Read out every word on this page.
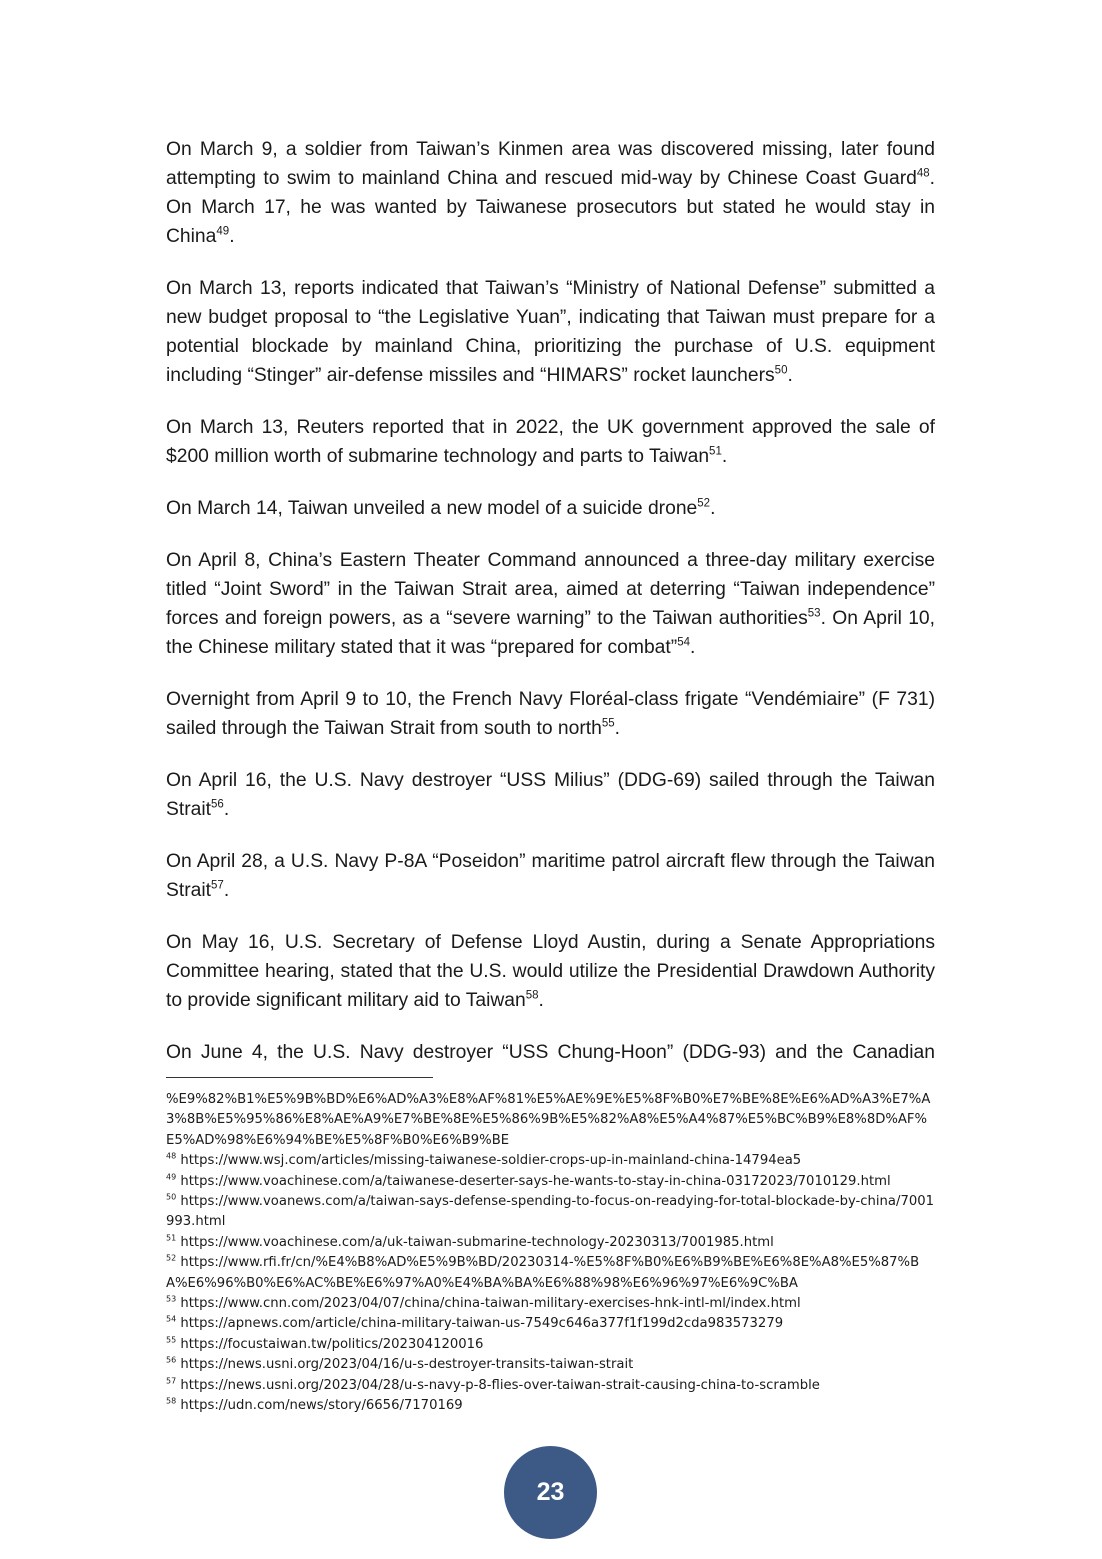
On March 9, a soldier from Taiwan’s Kinmen area was discovered missing, later found attempting to swim to mainland China and rescued mid-way by Chinese Coast Guard$^{48}$. On March 17, he was wanted by Taiwanese prosecutors but stated he would stay in China$^{49}$.

On March 13, reports indicated that Taiwan’s “Ministry of National Defense” submitted a new budget proposal to “the Legislative Yuan”, indicating that Taiwan must prepare for a potential blockade by mainland China, prioritizing the purchase of U.S. equipment including “Stinger” air-defense missiles and “HIMARS” rocket launchers$^{50}$.

On March 13, Reuters reported that in 2022, the UK government approved the sale of $200 million worth of submarine technology and parts to Taiwan$^{51}$.

On March 14, Taiwan unveiled a new model of a suicide drone$^{52}$.

On April 8, China’s Eastern Theater Command announced a three-day military exercise titled “Joint Sword” in the Taiwan Strait area, aimed at deterring “Taiwan independence” forces and foreign powers, as a “severe warning” to the Taiwan authorities$^{53}$. On April 10, the Chinese military stated that it was “prepared for combat”$^{54}$.

Overnight from April 9 to 10, the French Navy Floréal-class frigate “Vendémiaire” (F 731) sailed through the Taiwan Strait from south to north$^{55}$.

On April 16, the U.S. Navy destroyer “USS Milius” (DDG-69) sailed through the Taiwan Strait$^{56}$.

On April 28, a U.S. Navy P-8A “Poseidon” maritime patrol aircraft flew through the Taiwan Strait$^{57}$.

On May 16, U.S. Secretary of Defense Lloyd Austin, during a Senate Appropriations Committee hearing, stated that the U.S. would utilize the Presidential Drawdown Authority to provide significant military aid to Taiwan$^{58}$.

On June 4, the U.S. Navy destroyer “USS Chung-Hoon” (DDG-93) and the Canadian

%E9%82%B1%E5%9B%BD%E6%AD%A3%E8%AF%81%E5%AE%9E%E5%8F%B0%E7%BE%8E%E6%AD%A3%E7%A3%8B%E5%95%86%E8%AE%A9%E7%BE%8E%E5%86%9B%E5%82%A8%E5%A4%87%E5%BC%B9%E8%8D%AF%E5%AD%98%E6%94%BE%E5%8F%B0%E6%B9%BE

$^{48}$ https://www.wsj.com/articles/missing-taiwanese-soldier-crops-up-in-mainland-china-14794ea5

$^{49}$ https://www.voachinese.com/a/taiwanese-deserter-says-he-wants-to-stay-in-china-03172023/7010129.html

$^{50}$ https://www.voanews.com/a/taiwan-says-defense-spending-to-focus-on-readying-for-total-blockade-by-china/7001993.html

$^{51}$ https://www.voachinese.com/a/uk-taiwan-submarine-technology-20230313/7001985.html

$^{52}$ https://www.rfi.fr/cn/%E4%B8%AD%E5%9B%BD/20230314-%E5%8F%B0%E6%B9%BE%E6%8E%A8%E5%87%BA%E6%96%B0%E6%AC%BE%E6%97%A0%E4%BA%BA%E6%88%98%E6%96%97%E6%9C%BA

$^{53}$ https://www.cnn.com/2023/04/07/china/china-taiwan-military-exercises-hnk-intl-ml/index.html

$^{54}$ https://apnews.com/article/china-military-taiwan-us-7549c646a377f1f199d2cda983573279

$^{55}$ https://focustaiwan.tw/politics/202304120016

$^{56}$ https://news.usni.org/2023/04/16/u-s-destroyer-transits-taiwan-strait

$^{57}$ https://news.usni.org/2023/04/28/u-s-navy-p-8-flies-over-taiwan-strait-causing-china-to-scramble

$^{58}$ https://udn.com/news/story/6656/7170169

23
